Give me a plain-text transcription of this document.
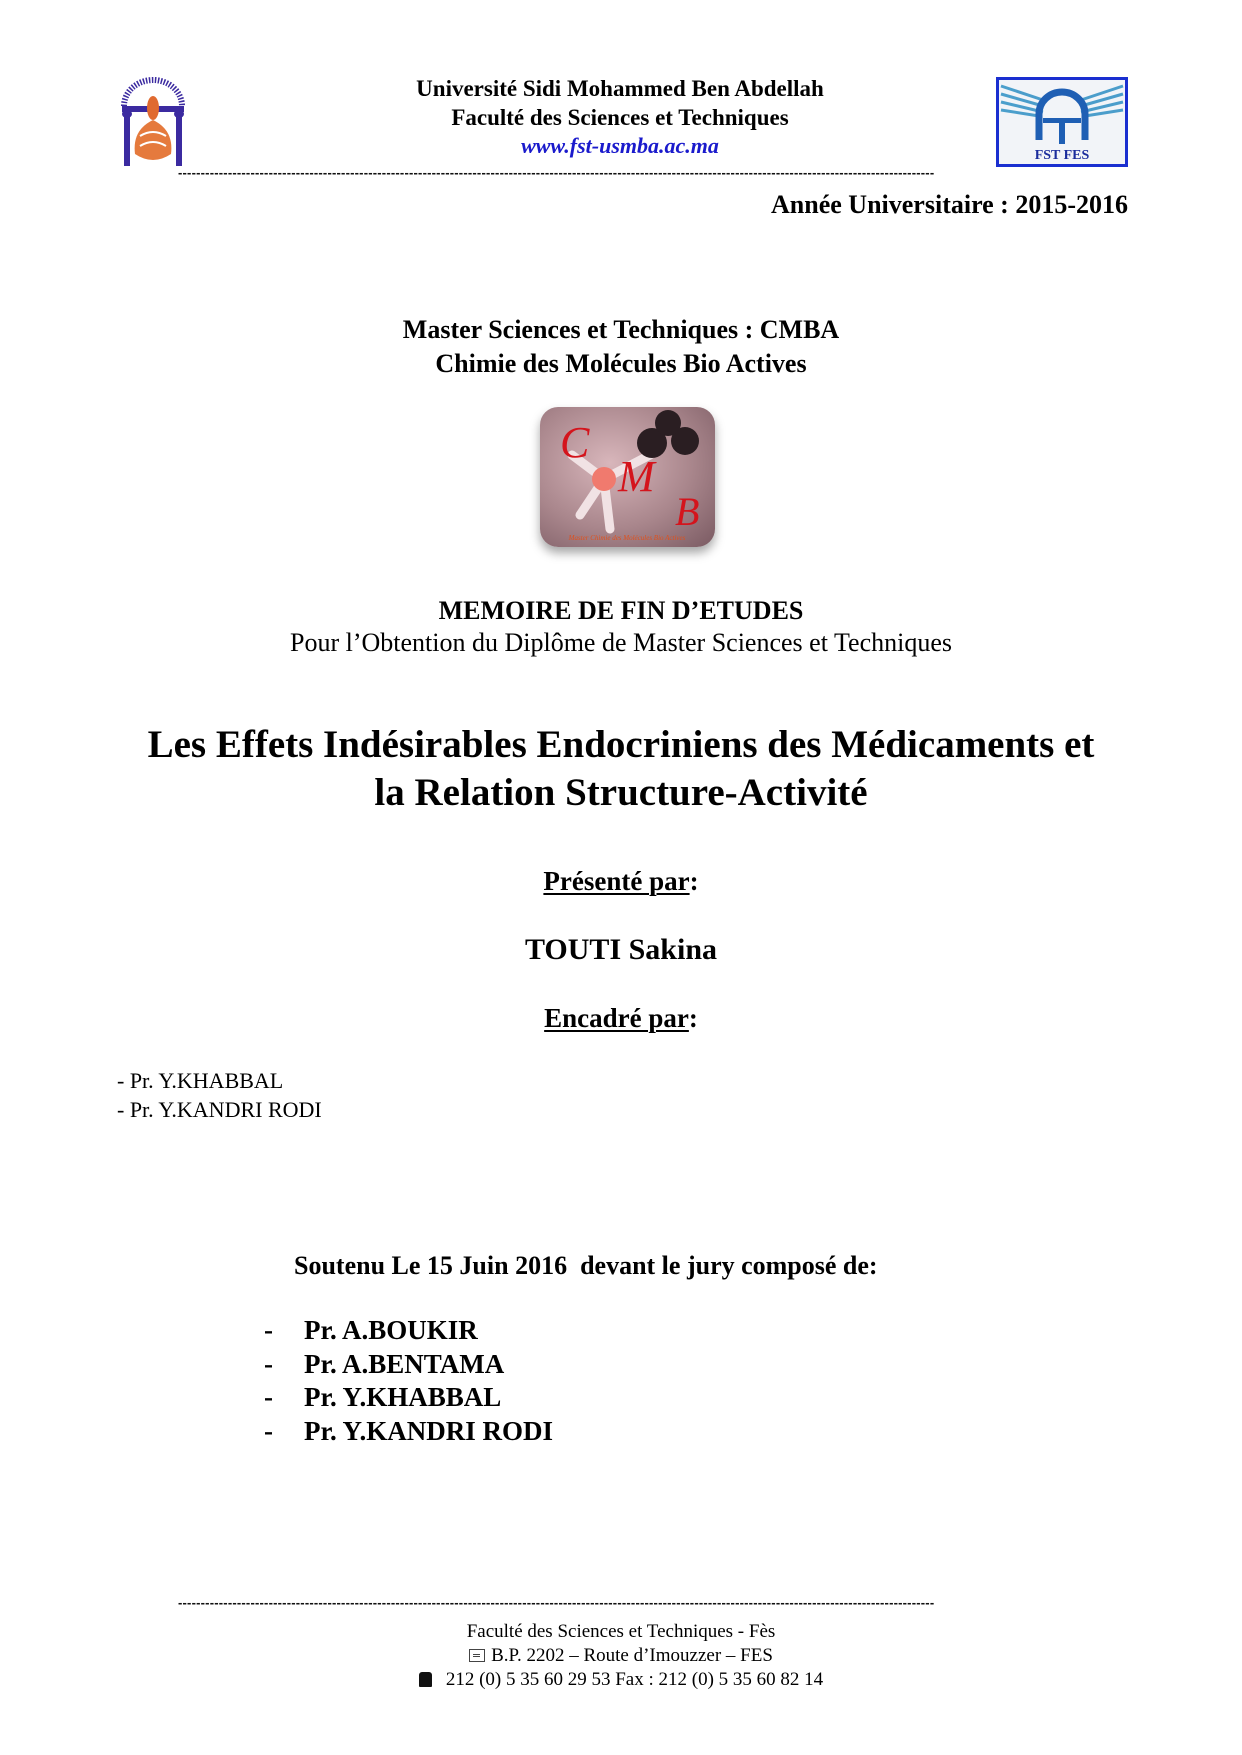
Université Sidi Mohammed Ben Abdellah
Faculté des Sciences et Techniques
www.fst-usmba.ac.ma	FST FES
-----------------------------------------------------------------------------------------------------------------------------------------------------------------------
Année Universitaire : 2015-2016
Master Sciences et Techniques : CMBA
Chimie des Molécules Bio Actives
C
M
B
Master Chimie des Molécules Bio Actives
MEMOIRE DE FIN D’ETUDES
Pour l’Obtention du Diplôme de Master Sciences et Techniques
Les Effets Indésirables Endocriniens des Médicaments et
la Relation Structure-Activité
Présenté par:
TOUTI Sakina
Encadré par:
- Pr. Y.KHABBAL
- Pr. Y.KANDRI RODI
Soutenu Le 15 Juin 2016  devant le jury composé de:
-	Pr. A.BOUKIR
-	Pr. A.BENTAMA
-	Pr. Y.KHABBAL
-	Pr. Y.KANDRI RODI
-----------------------------------------------------------------------------------------------------------------------------------------------------------------------
Faculté des Sciences et Techniques - Fès
B.P. 2202 – Route d’Imouzzer – FES
212 (0) 5 35 60 29 53 Fax : 212 (0) 5 35 60 82 14
